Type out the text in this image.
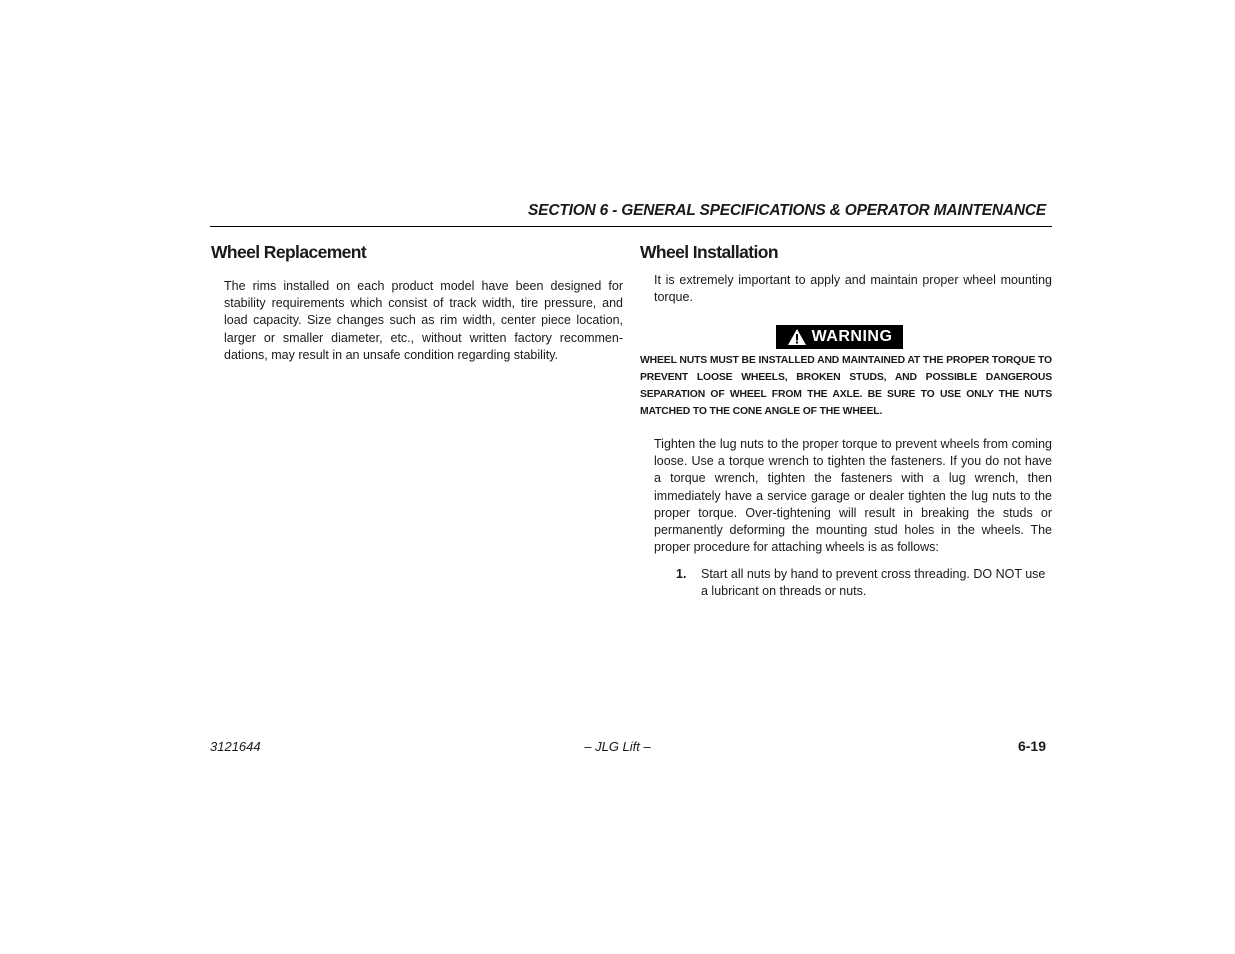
SECTION 6 - GENERAL SPECIFICATIONS & OPERATOR MAINTENANCE
Wheel Replacement

The rims installed on each product model have been designed for stability requirements which consist of track width, tire pressure, and load capacity. Size changes such as rim width, center piece location, larger or smaller diameter, etc., without written factory recommen-dations, may result in an unsafe condition regarding stability.

Wheel Installation

It is extremely important to apply and maintain proper wheel mounting torque.

WARNING

WHEEL NUTS MUST BE INSTALLED AND MAINTAINED AT THE PROPER TORQUE TO PREVENT LOOSE WHEELS, BROKEN STUDS, AND POSSIBLE DANGEROUS SEPARATION OF WHEEL FROM THE AXLE. BE SURE TO USE ONLY THE NUTS MATCHED TO THE CONE ANGLE OF THE WHEEL.

Tighten the lug nuts to the proper torque to prevent wheels from coming loose. Use a torque wrench to tighten the fasteners. If you do not have a torque wrench, tighten the fasteners with a lug wrench, then immediately have a service garage or dealer tighten the lug nuts to the proper torque. Over-tightening will result in breaking the studs or permanently deforming the mounting stud holes in the wheels. The proper procedure for attaching wheels is as follows:

1. Start all nuts by hand to prevent cross threading. DO NOT use a lubricant on threads or nuts.

3121644	– JLG Lift –	6-19
